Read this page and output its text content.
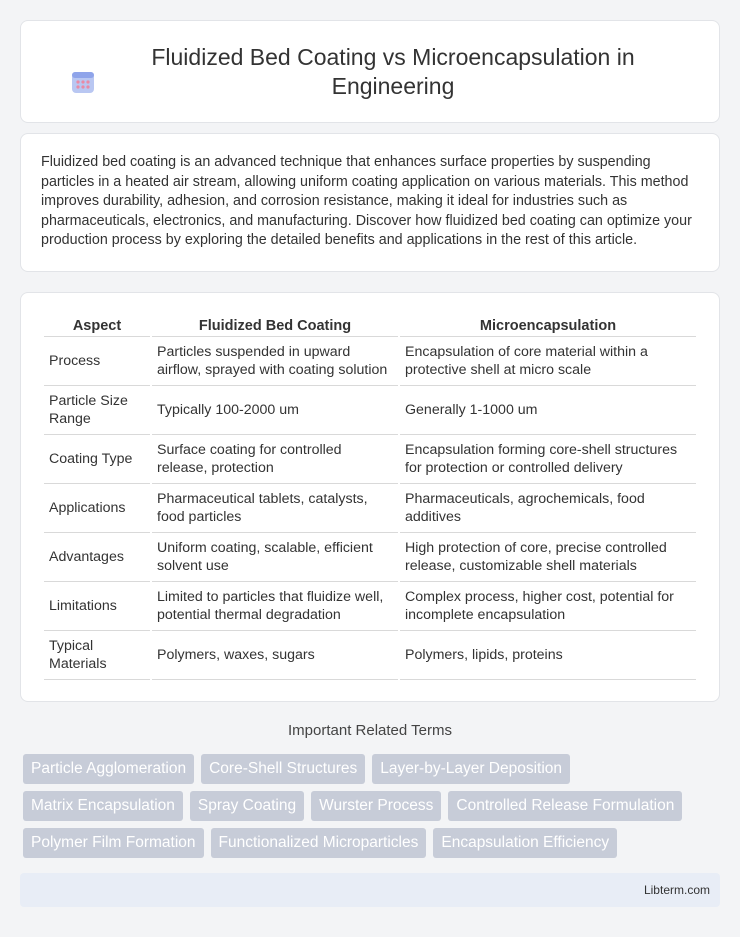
Fluidized Bed Coating vs Microencapsulation in Engineering

Fluidized bed coating is an advanced technique that enhances surface properties by suspending particles in a heated air stream, allowing uniform coating application on various materials. This method improves durability, adhesion, and corrosion resistance, making it ideal for industries such as pharmaceuticals, electronics, and manufacturing. Discover how fluidized bed coating can optimize your production process by exploring the detailed benefits and applications in the rest of this article.

Aspect	Fluidized Bed Coating	Microencapsulation
Process	Particles suspended in upward airflow, sprayed with coating solution	Encapsulation of core material within a protective shell at micro scale
Particle Size Range	Typically 100-2000 um	Generally 1-1000 um
Coating Type	Surface coating for controlled release, protection	Encapsulation forming core-shell structures for protection or controlled delivery
Applications	Pharmaceutical tablets, catalysts, food particles	Pharmaceuticals, agrochemicals, food additives
Advantages	Uniform coating, scalable, efficient solvent use	High protection of core, precise controlled release, customizable shell materials
Limitations	Limited to particles that fluidize well, potential thermal degradation	Complex process, higher cost, potential for incomplete encapsulation
Typical Materials	Polymers, waxes, sugars	Polymers, lipids, proteins
Important Related Terms
Particle Agglomeration	Core-Shell Structures	Layer-by-Layer Deposition
Matrix Encapsulation	Spray Coating	Wurster Process	Controlled Release Formulation
Polymer Film Formation	Functionalized Microparticles	Encapsulation Efficiency
Libterm.com
